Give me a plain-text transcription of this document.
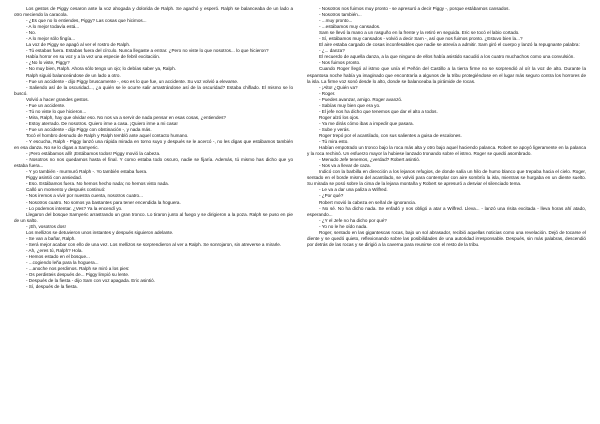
Los gestos de Piggy cesaron ante la voz ahogada y dolorida de Ralph. Se agachó y esperó. Ralph se balanceaba de un lado a otro meciendo la caracola.

- ¿Es que no lo entiendes, Piggy? Las cosas que hicimos...

- A lo mejor todavía está...

- No.

- A lo mejor sólo fingía...

La voz de Piggy se apagó al ver el rostro de Ralph.

- Tú estabas fuera. Estabas fuera del círculo. Nunca llegaste a entrar. ¿Pero no viste lo que nosotros... lo que hicieron?

Había horror en su voz y a la vez una especie de febril excitación.

- ¿No lo viste, Piggy?

- No muy bien, Ralph. Ahora sólo tengo un ojo; lo debías saber ya, Ralph.

Ralph siguió balanceándose de un lado a otro.

- Fue un accidente - dijo Piggy bruscamente -, eso es lo que fue, un accidente. Su voz volvió a elevarse.

- Saliendo así de la oscuridad..., ¿a quién se le ocurre salir arrastrándose así de la oscuridad? Estaba chiflado. El mismo se lo buscó.

Volvió a hacer grandes gestos.

- Fue un accidente.

- Tú no viste lo que hicieron...

- Mira, Ralph, hay que olvidar eso. No nos va a servir de nada pensar en esas cosas, ¿entiendes?

- Estoy aterrado. De nosotros. Quiero irme a casa. ¡Quiero irme a mi casa!

- Fue un accidente - dijo Piggy con obstinación -, y nada más.

Tocó el hombro desnudo de Ralph y Ralph tembló ante aquel contacto humano.

- Y escucha, Ralph - Piggy lanzó una rápida mirada en torno suyo y después se le acercó -, no les digas que estábamos también en esa danza. No se lo digas a Samyeric.

- ¡Pero estábamos allí! ¡Estábamos todos! Piggy movió la cabeza.

- Nosotros no nos quedamos hasta el final. Y como estaba todo oscuro, nadie se fijaría. Además, tú mismo has dicho que yo estaba fuera...

- Y yo también - murmuró Ralph -. Yo también estaba fuera.

Piggy asintió con ansiedad.

- Eso. Estábamos fuera. No hemos hecho nada; no hemos visto nada.

Calló un momento y después continuó:

- Nos iremos a vivir por nuestra cuenta, nosotros cuatro...

- Nosotros cuatro. No somos ya bastantes para tener encendida la hoguera.

- Lo podemos intentar. ¿Ves? Ya la encendí yo.

Llegaron del bosque Samyeric arrastrando un gran tronco. Lo tiraron junto al fuego y se dirigieron a la poza. Ralph se puso en pie de un salto.

- ¡Eh, vosotros dos!

Los mellizos se detuvieron unos instantes y después siguieron adelante.

- Se van a bañar, Ralph.

- Será mejor acabar con ello de una vez. Los mellizos se sorprendieron al ver a Ralph. Se sonrojaron, sin atreverse a mirarle.

- Ah, ¿eres tú, Ralph? Hola.

- Hemos estado en el bosque...

- ...cogiendo leña para la hoguera...

- ...anoche nos perdimos. Ralph se miró a los pies:

- Os perdisteis después de... Piggy limpió su lente.

- Después de la fiesta - dijo Sam con voz apagada. Eric asintió.

- Sí, después de la fiesta.

- Nosotros nos fuimos muy pronto - se apresuró a decir Piggy -, porque estábamos cansados.

- Nosotros también...

- ...muy pronto...

- ...estábamos muy cansados.

Sam se llevó la mano a un rasguño en la frente y la retiró en seguida. Eric se tocó el labio cortado.

- Sí, estábamos muy cansados - volvió a decir Sam -, así que nos fuimos pronto. ¿Estuvo bien la...?

El aire estaba cargado de cosas inconfesables que nadie se atrevía a admitir. Sam giró el cuerpo y lanzó la repugnante palabra:

- ¿... danza?

El recuerdo de aquella danza, a la que ninguno de ellos había asistido sacudió a los cuatro muchachos como una convulsión.

- Nos fuimos pronto.

Cuando Roger llegó al istmo que unía el Peñón del Castillo a la tierra firme no se sorprendió al oír la voz de alto. Durante la espantosa noche había ya imaginado que encontraría a algunos de la tribu protegiéndose en el lugar más seguro contra los horrores de la isla. La firme voz sonó desde lo alto, donde se balanceaba la pirámide de rocas.

- ¡Alto! ¿Quién va?

- Roger.

- Puedes avanzar, amigo. Roger avanzó.

- Sabías muy bien que era yo.

- El jefe nos ha dicho que tenemos que dar el alto a todos.

Roger alzó los ojos.

- Ya me dirás cómo ibas a impedir que pasara.

- Sube y verás.

Roger trepó por el acantilado, con sus salientes a guisa de escalones.

- Tú mira esto.

Habían empotrado un tronco bajo la roca más alta y otro bajo aquel haciendo palanca. Robert se apoyó ligeramente en la palanca y la roca rechinó. Un esfuerzo mayor la hubiese lanzado tronando sobre el istmo. Roger se quedó asombrado.

- Menudo Jefe tenemos, ¿verdad? Robert asintió.

- Nos va a llevar de caza.

Indicó con la barbilla en dirección a los lejanos refugios, de donde salía un hilo de humo blanco que trepaba hacia el cielo. Roger, sentado en el borde mismo del acantilado, se volvió para contemplar con aire sombrío la isla, mientras se hurgaba en un diente suelto. Su mirada se posó sobre la cima de la lejana montaña y Robert se apresuró a desviar el silenciado tema.

- Le va a dar una paliza a Wilfred.

- ¿Por qué?

Robert movió la cabeza en señal de ignorancia.

- No sé. No ha dicho nada. Se enfadó y nos obligó a atar a Wilfred. Lleva... - lanzó una risita excitada - lleva horas ahí atado, esperando...

- ¿Y el Jefe no ha dicho por qué?

- Yo no le he oído nada.

Roger, sentado en las gigantescas rocas, bajo un sol abrasador, recibió aquellas noticias como una revelación. Dejó de tocarse el diente y se quedó quieto, reflexionando sobre las posibilidades de una autoridad irresponsable. Después, sin más palabras, descendió por detrás de las rocas y se dirigió a la caverna para reunirse con el resto de la tribu.
